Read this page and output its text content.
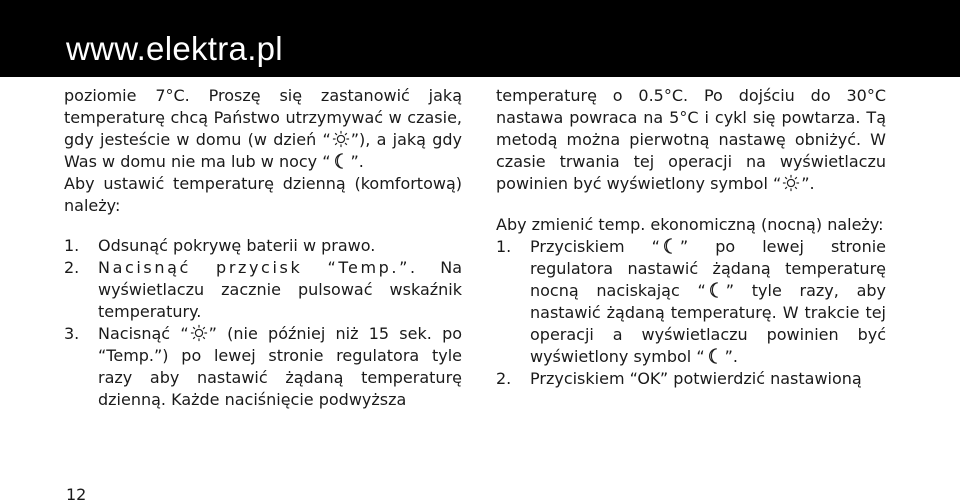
www.elektra.pl

poziomie 7°C. Proszę się zastanowić jaką temperaturę chcą Państwo utrzymywać w czasie, gdy jesteście w domu (w dzień “ ”), a jaką gdy Was w domu nie ma lub w nocy “ ”.

Aby ustawić temperaturę dzienną (komfortową) należy:

1. Odsunąć pokrywę baterii w prawo.

2. Nacisnąć przycisk “Temp.”. Na wyświetlaczu zacznie pulsować wskaźnik temperatury.

3. Nacisnąć “ ” (nie później niż 15 sek. po “Temp.”) po lewej stronie regulatora tyle razy aby nastawić żądaną temperaturę dzienną. Każde naciśnięcie podwyższa

temperaturę o 0.5°C. Po dojściu do 30°C nastawa powraca na 5°C i cykl się powtarza. Tą metodą można pierwotną nastawę obniżyć. W czasie trwania tej operacji na wyświetlaczu powinien być wyświetlony symbol “ ”.

Aby zmienić temp. ekonomiczną (nocną) należy:

1. Przyciskiem “ ” po lewej stronie regulatora nastawić żądaną temperaturę nocną naciskając “ ” tyle razy, aby nastawić żądaną temperaturę. W trakcie tej operacji a wyświetlaczu powinien być wyświetlony symbol “ ”.

2. Przyciskiem “OK” potwierdzić nastawioną

12
